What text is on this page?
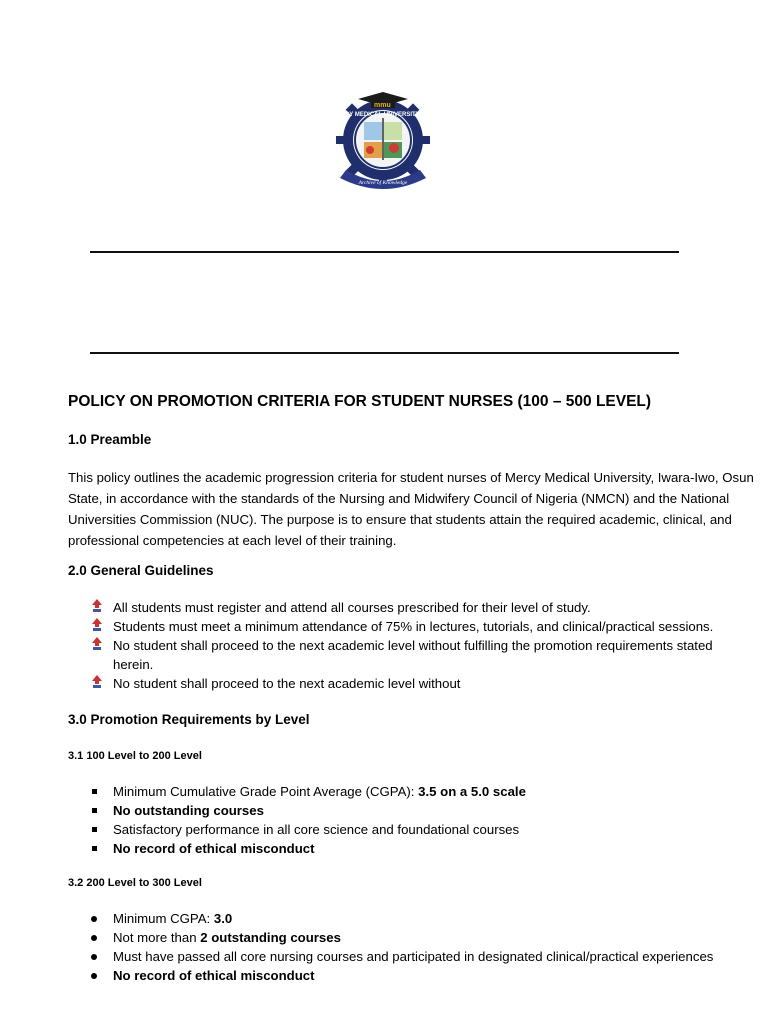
mmu
Archive of Knowledge
MERCY MEDICAL UNIVERSITY, IWO
POLICY ON PROMOTION CRITERIA FOR STUDENT NURSES (100 – 500 LEVEL)
1.0 Preamble
This policy outlines the academic progression criteria for student nurses of Mercy Medical University, Iwara-Iwo, Osun State, in accordance with the standards of the Nursing and Midwifery Council of Nigeria (NMCN) and the National Universities Commission (NUC). The purpose is to ensure that students attain the required academic, clinical, and professional competencies at each level of their training.
2.0 General Guidelines
All students must register and attend all courses prescribed for their level of study.
Students must meet a minimum attendance of 75% in lectures, tutorials, and clinical/practical sessions.
No student shall proceed to the next academic level without fulfilling the promotion requirements stated
herein.
No student shall proceed to the next academic level without
3.0 Promotion Requirements by Level
3.1 100 Level to 200 Level
Minimum Cumulative Grade Point Average (CGPA): 3.5 on a 5.0 scale
No outstanding courses
Satisfactory performance in all core science and foundational courses
No record of ethical misconduct
3.2 200 Level to 300 Level
Minimum CGPA: 3.0
Not more than 2 outstanding courses
Must have passed all core nursing courses and participated in designated clinical/practical experiences
No record of ethical misconduct
